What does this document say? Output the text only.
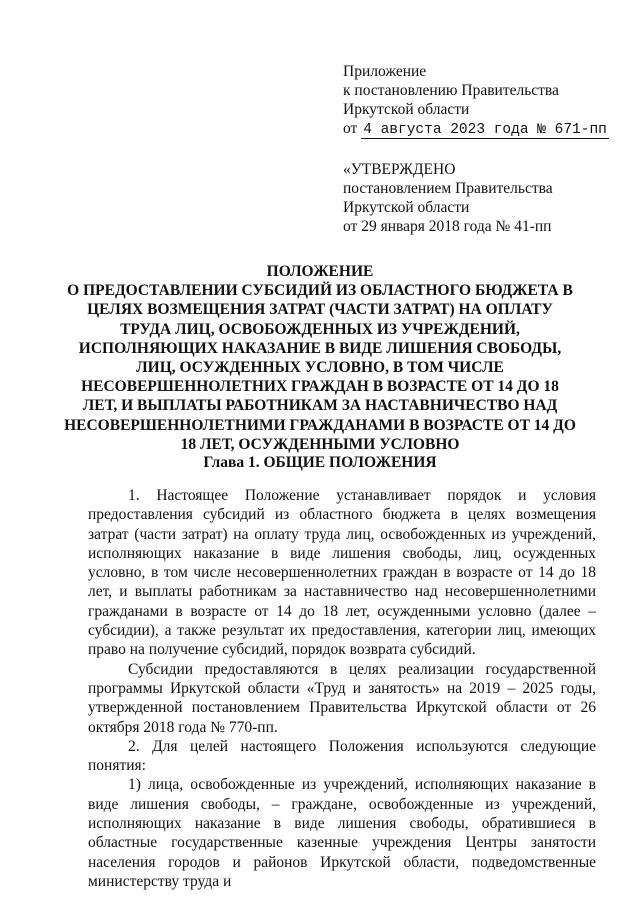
Приложение
к постановлению Правительства
Иркутской области
от 4 августа 2023 года № 671-пп
«УТВЕРЖДЕНО
постановлением Правительства
Иркутской области
от 29 января 2018 года № 41-пп
ПОЛОЖЕНИЕ
О ПРЕДОСТАВЛЕНИИ СУБСИДИЙ ИЗ ОБЛАСТНОГО БЮДЖЕТА В
ЦЕЛЯХ ВОЗМЕЩЕНИЯ ЗАТРАТ (ЧАСТИ ЗАТРАТ) НА ОПЛАТУ
ТРУДА ЛИЦ, ОСВОБОЖДЕННЫХ ИЗ УЧРЕЖДЕНИЙ,
ИСПОЛНЯЮЩИХ НАКАЗАНИЕ В ВИДЕ ЛИШЕНИЯ СВОБОДЫ,
ЛИЦ, ОСУЖДЕННЫХ УСЛОВНО, В ТОМ ЧИСЛЕ
НЕСОВЕРШЕННОЛЕТНИХ ГРАЖДАН В ВОЗРАСТЕ ОТ 14 ДО 18
ЛЕТ, И ВЫПЛАТЫ РАБОТНИКАМ ЗА НАСТАВНИЧЕСТВО НАД
НЕСОВЕРШЕННОЛЕТНИМИ ГРАЖДАНАМИ В ВОЗРАСТЕ ОТ 14 ДО
18 ЛЕТ, ОСУЖДЕННЫМИ УСЛОВНО
Глава 1. ОБЩИЕ ПОЛОЖЕНИЯ

1. Настоящее Положение устанавливает порядок и условия предоставления субсидий из областного бюджета в целях возмещения затрат (части затрат) на оплату труда лиц, освобожденных из учреждений, исполняющих наказание в виде лишения свободы, лиц, осужденных условно, в том числе несовершеннолетних граждан в возрасте от 14 до 18 лет, и выплаты работникам за наставничество над несовершеннолетними гражданами в возрасте от 14 до 18 лет, осужденными условно (далее – субсидии), а также результат их предоставления, категории лиц, имеющих право на получение субсидий, порядок возврата субсидий.

Субсидии предоставляются в целях реализации государственной программы Иркутской области «Труд и занятость» на 2019 – 2025 годы, утвержденной постановлением Правительства Иркутской области от 26 октября 2018 года № 770-пп.

2. Для целей настоящего Положения используются следующие понятия:

1) лица, освобожденные из учреждений, исполняющих наказание в виде лишения свободы, – граждане, освобожденные из учреждений, исполняющих наказание в виде лишения свободы, обратившиеся в областные государственные казенные учреждения Центры занятости населения городов и районов Иркутской области, подведомственные министерству труда и
